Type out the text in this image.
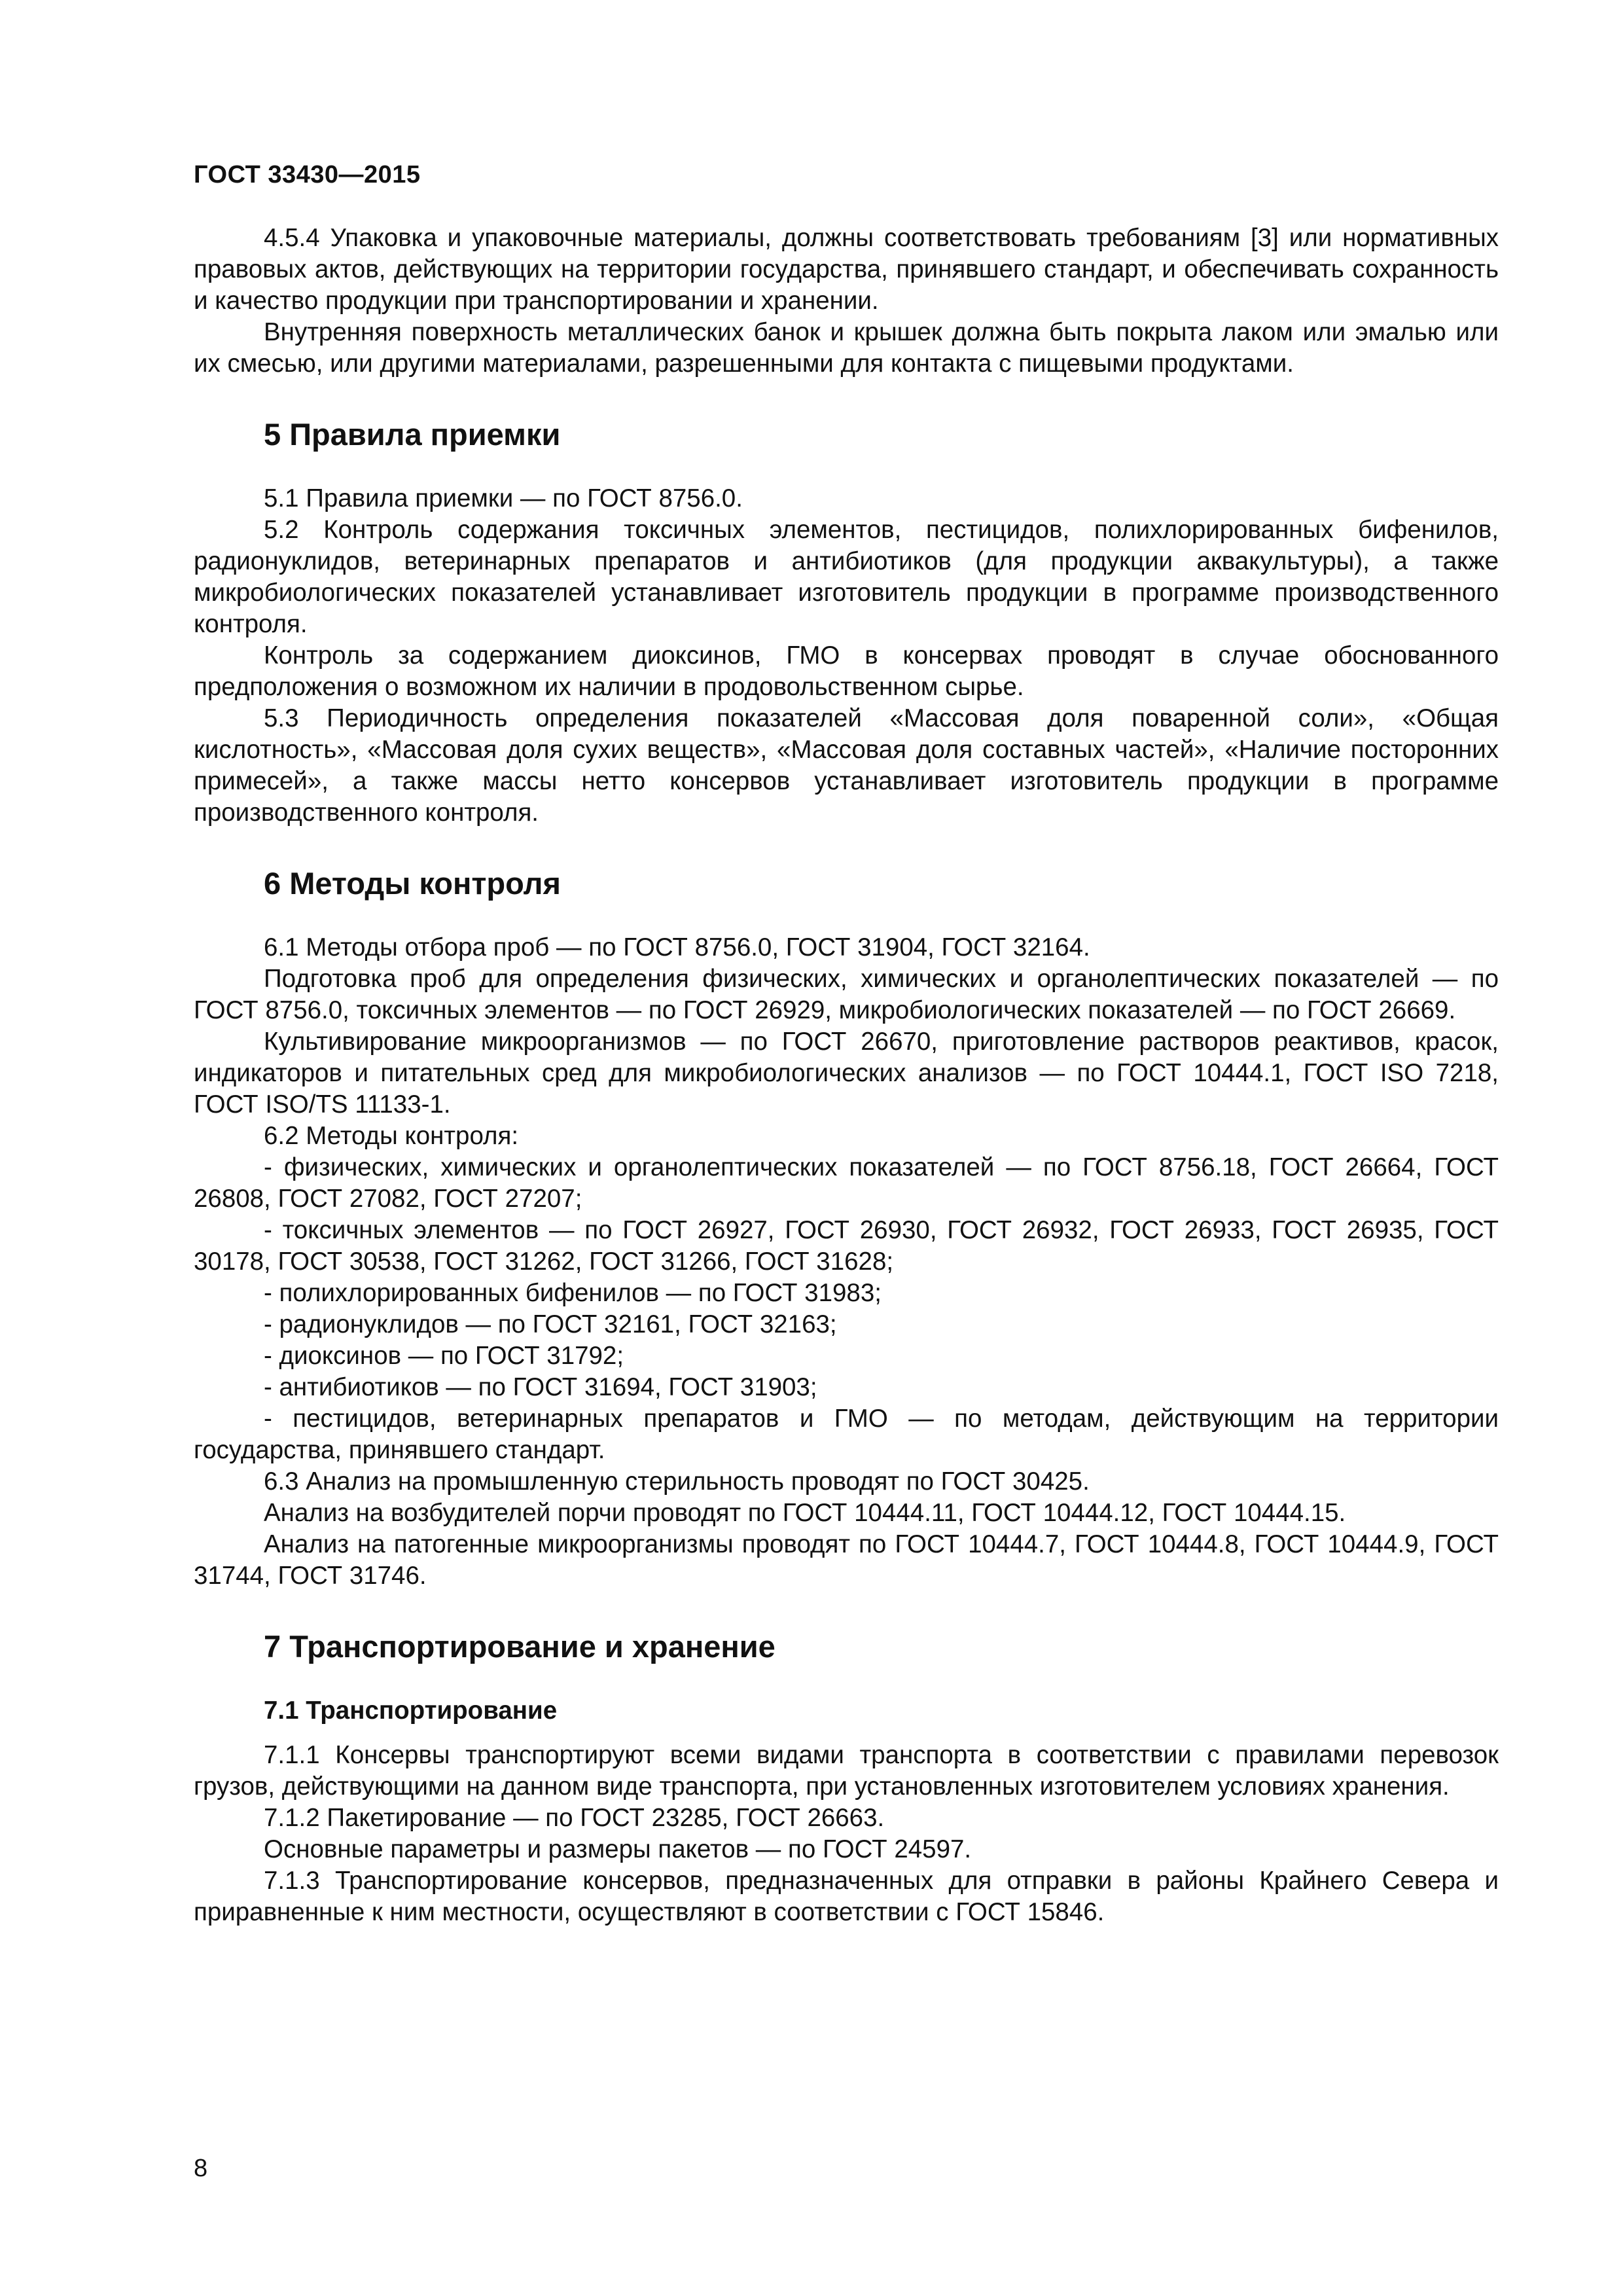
ГОСТ 33430—2015

4.5.4 Упаковка и упаковочные материалы, должны соответствовать требованиям [3] или нормативных правовых актов, действующих на территории государства, принявшего стандарт, и обеспечивать сохранность и качество продукции при транспортировании и хранении.

Внутренняя поверхность металлических банок и крышек должна быть покрыта лаком или эмалью или их смесью, или другими материалами, разрешенными для контакта с пищевыми продуктами.

5 Правила приемки

5.1 Правила приемки — по ГОСТ 8756.0.

5.2 Контроль содержания токсичных элементов, пестицидов, полихлорированных бифенилов, радионуклидов, ветеринарных препаратов и антибиотиков (для продукции аквакультуры), а также микробиологических показателей устанавливает изготовитель продукции в программе производственного контроля.

Контроль за содержанием диоксинов, ГМО в консервах проводят в случае обоснованного предположения о возможном их наличии в продовольственном сырье.

5.3 Периодичность определения показателей «Массовая доля поваренной соли», «Общая кислотность», «Массовая доля сухих веществ», «Массовая доля составных частей», «Наличие посторонних примесей», а также массы нетто консервов устанавливает изготовитель продукции в программе производственного контроля.

6 Методы контроля

6.1 Методы отбора проб — по ГОСТ 8756.0, ГОСТ 31904, ГОСТ 32164.

Подготовка проб для определения физических, химических и органолептических показателей — по ГОСТ 8756.0, токсичных элементов — по ГОСТ 26929, микробиологических показателей — по ГОСТ 26669.

Культивирование микроорганизмов — по ГОСТ 26670, приготовление растворов реактивов, красок, индикаторов и питательных сред для микробиологических анализов — по ГОСТ 10444.1, ГОСТ ISO 7218, ГОСТ ISO/TS 11133-1.

6.2 Методы контроля:

- физических, химических и органолептических показателей — по ГОСТ 8756.18, ГОСТ 26664, ГОСТ 26808, ГОСТ 27082, ГОСТ 27207;

- токсичных элементов — по ГОСТ 26927, ГОСТ 26930, ГОСТ 26932, ГОСТ 26933, ГОСТ 26935, ГОСТ 30178, ГОСТ 30538, ГОСТ 31262, ГОСТ 31266, ГОСТ 31628;

- полихлорированных бифенилов — по ГОСТ 31983;

- радионуклидов — по ГОСТ 32161, ГОСТ 32163;

- диоксинов — по ГОСТ 31792;

- антибиотиков — по ГОСТ 31694, ГОСТ 31903;

- пестицидов, ветеринарных препаратов и ГМО — по методам, действующим на территории государства, принявшего стандарт.

6.3 Анализ на промышленную стерильность проводят по ГОСТ 30425.

Анализ на возбудителей порчи проводят по ГОСТ 10444.11, ГОСТ 10444.12, ГОСТ 10444.15.

Анализ на патогенные микроорганизмы проводят по ГОСТ 10444.7, ГОСТ 10444.8, ГОСТ 10444.9, ГОСТ 31744, ГОСТ 31746.

7 Транспортирование и хранение
7.1 Транспортирование

7.1.1 Консервы транспортируют всеми видами транспорта в соответствии с правилами перевозок грузов, действующими на данном виде транспорта, при установленных изготовителем условиях хранения.

7.1.2 Пакетирование — по ГОСТ 23285, ГОСТ 26663.

Основные параметры и размеры пакетов — по ГОСТ 24597.

7.1.3 Транспортирование консервов, предназначенных для отправки в районы Крайнего Севера и приравненные к ним местности, осуществляют в соответствии с ГОСТ 15846.

8
